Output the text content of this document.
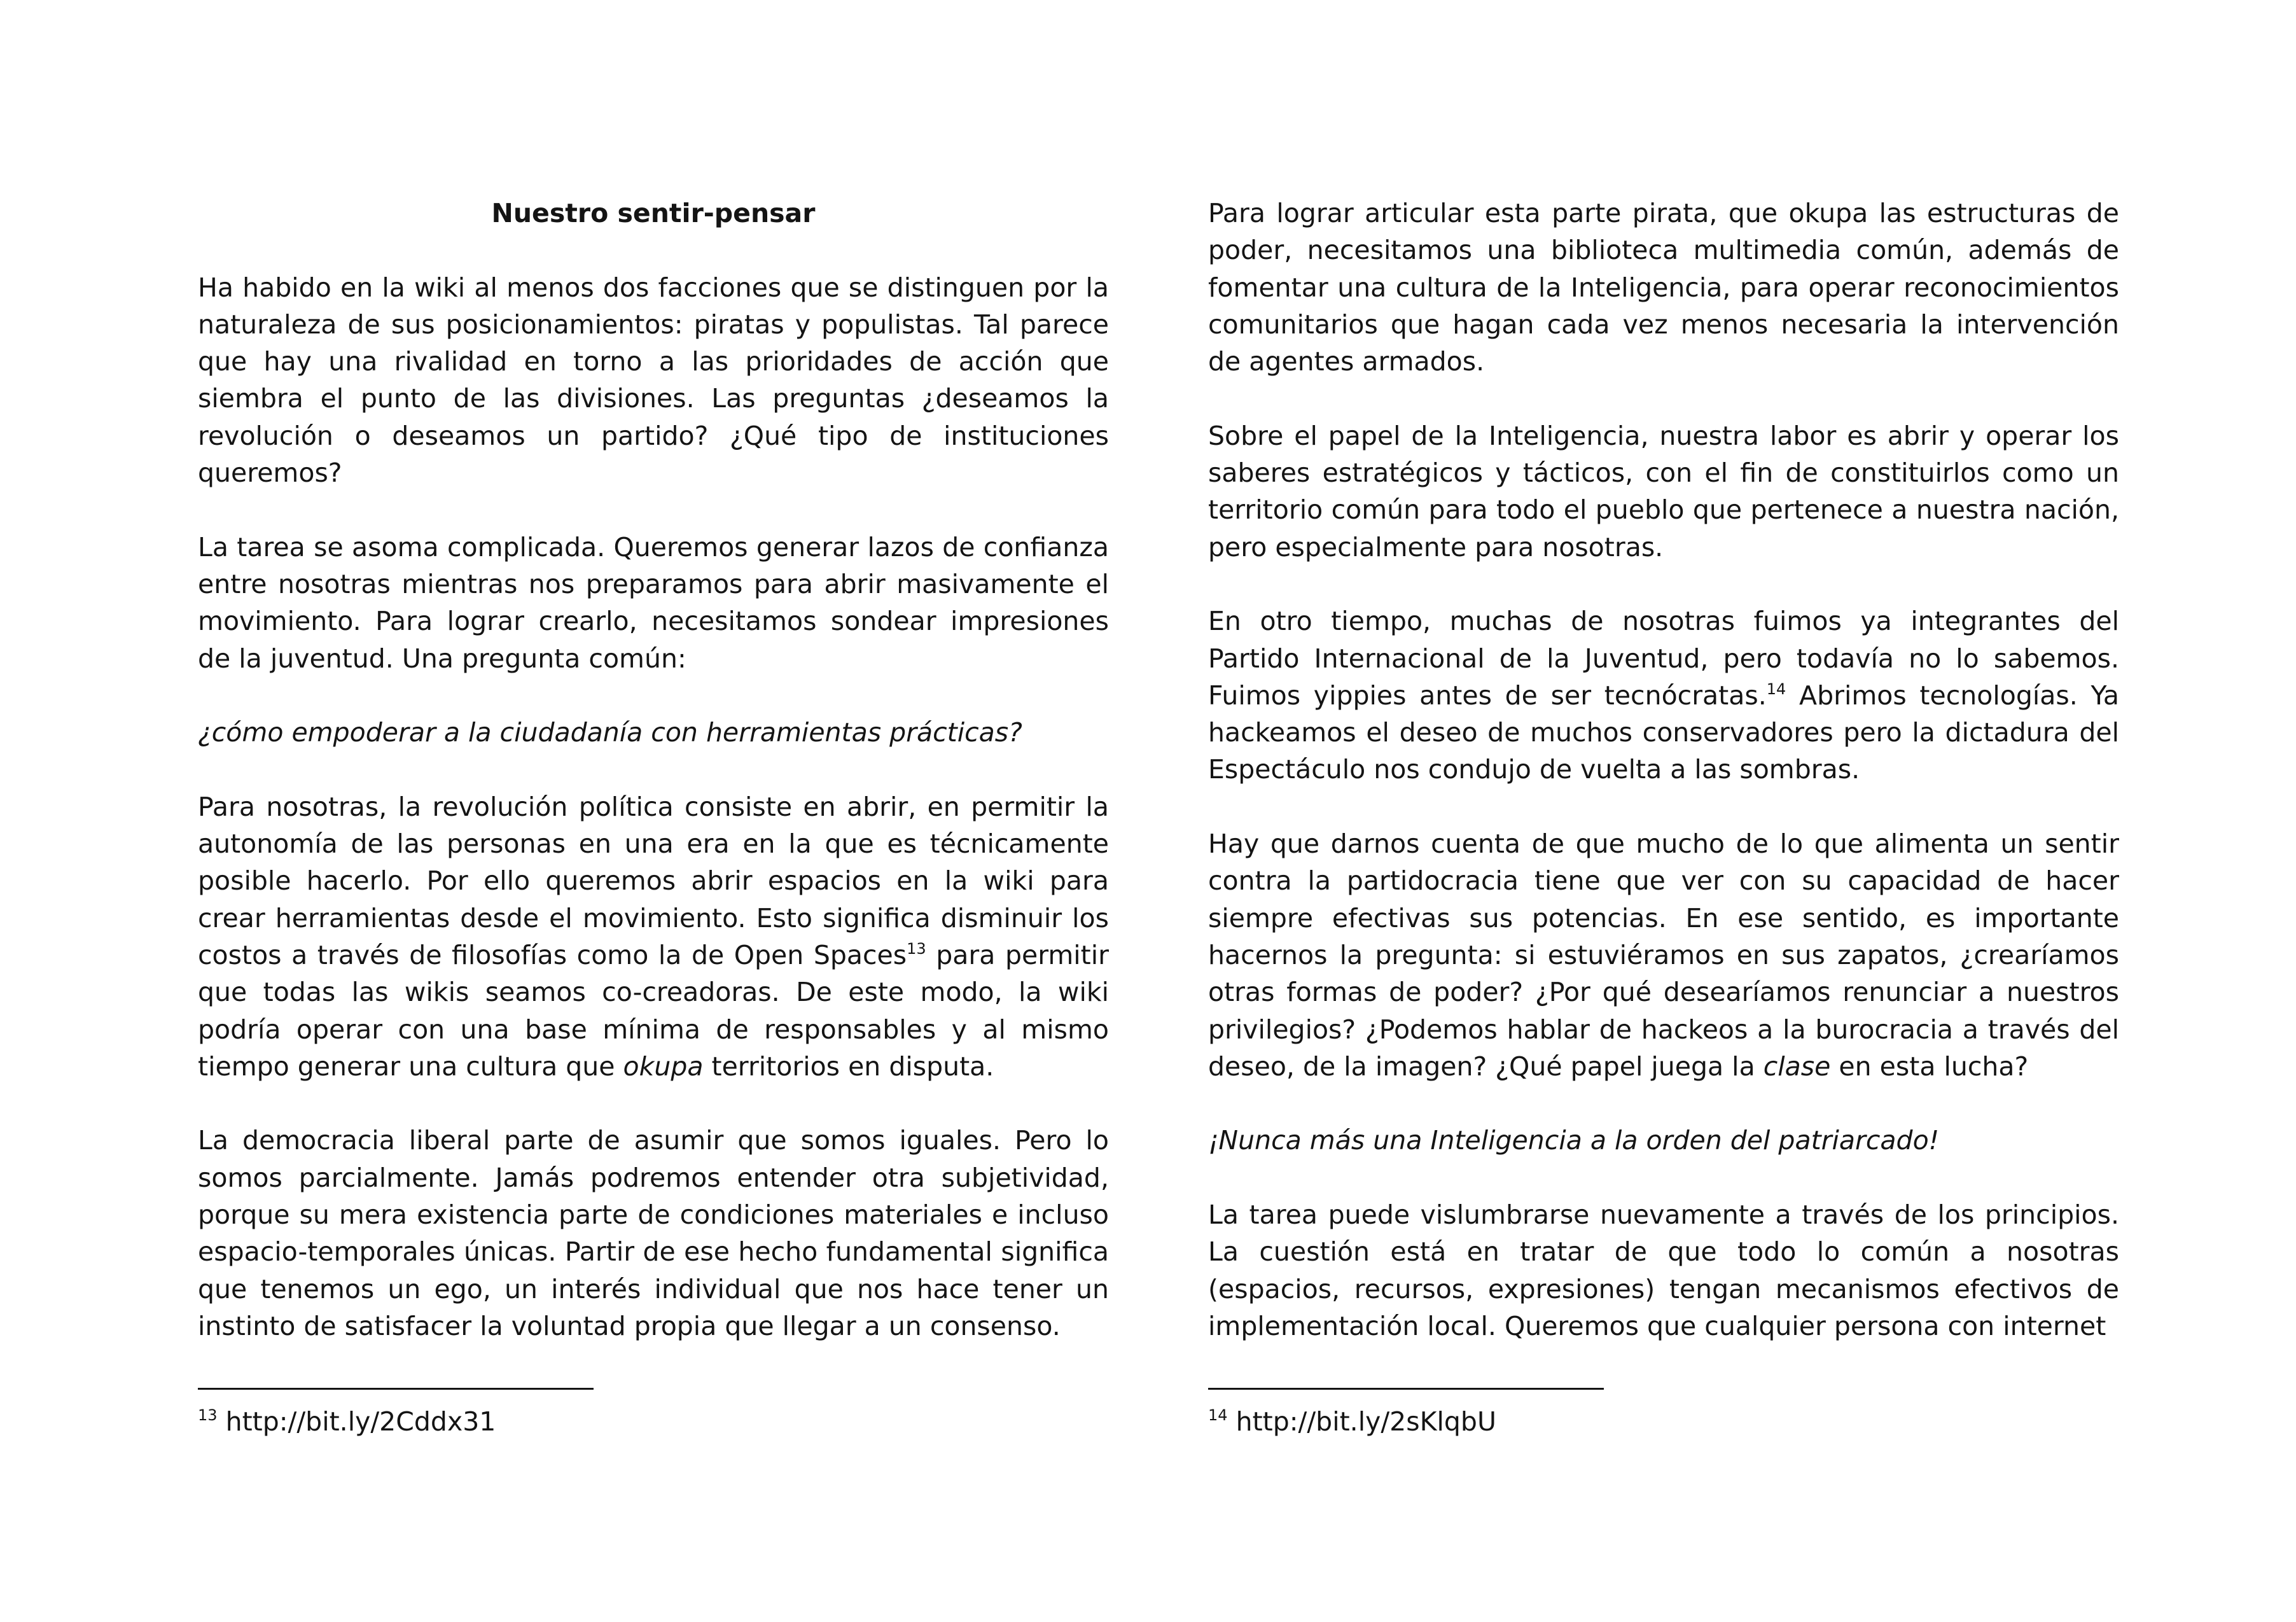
Nuestro sentir-pensar

Ha habido en la wiki al menos dos facciones que se distinguen por la naturaleza de sus posicionamientos: piratas y populistas. Tal parece que hay una rivalidad en torno a las prioridades de acción que siembra el punto de las divisiones. Las preguntas ¿deseamos la revolución o deseamos un partido? ¿Qué tipo de instituciones queremos?

La tarea se asoma complicada. Queremos generar lazos de confianza entre nosotras mientras nos preparamos para abrir masivamente el movimiento. Para lograr crearlo, necesitamos sondear impresiones de la juventud. Una pregunta común:

¿cómo empoderar a la ciudadanía con herramientas prácticas?

Para nosotras, la revolución política consiste en abrir, en permitir la autonomía de las personas en una era en la que es técnicamente posible hacerlo. Por ello queremos abrir espacios en la wiki para crear herramientas desde el movimiento. Esto significa disminuir los costos a través de filosofías como la de Open Spaces$^{13}$ para permitir que todas las wikis seamos co-creadoras. De este modo, la wiki podría operar con una base mínima de responsables y al mismo tiempo generar una cultura que okupa territorios en disputa.

La democracia liberal parte de asumir que somos iguales. Pero lo somos parcialmente. Jamás podremos entender otra subjetividad, porque su mera existencia parte de condiciones materiales e incluso espacio-temporales únicas. Partir de ese hecho fundamental significa que tenemos un ego, un interés individual que nos hace tener un instinto de satisfacer la voluntad propia que llegar a un consenso.

$^{13}$ http://bit.ly/2Cddx31

Para lograr articular esta parte pirata, que okupa las estructuras de poder, necesitamos una biblioteca multimedia común, además de fomentar una cultura de la Inteligencia, para operar reconocimientos comunitarios que hagan cada vez menos necesaria la intervención de agentes armados.

Sobre el papel de la Inteligencia, nuestra labor es abrir y operar los saberes estratégicos y tácticos, con el fin de constituirlos como un territorio común para todo el pueblo que pertenece a nuestra nación, pero especialmente para nosotras.

En otro tiempo, muchas de nosotras fuimos ya integrantes del Partido Internacional de la Juventud, pero todavía no lo sabemos. Fuimos yippies antes de ser tecnócratas.$^{14}$ Abrimos tecnologías. Ya hackeamos el deseo de muchos conservadores pero la dictadura del Espectáculo nos condujo de vuelta a las sombras.

Hay que darnos cuenta de que mucho de lo que alimenta un sentir contra la partidocracia tiene que ver con su capacidad de hacer siempre efectivas sus potencias. En ese sentido, es importante hacernos la pregunta: si estuviéramos en sus zapatos, ¿crearíamos otras formas de poder? ¿Por qué desearíamos renunciar a nuestros privilegios? ¿Podemos hablar de hackeos a la burocracia a través del deseo, de la imagen? ¿Qué papel juega la clase en esta lucha?

¡Nunca más una Inteligencia a la orden del patriarcado!

La tarea puede vislumbrarse nuevamente a través de los principios. La cuestión está en tratar de que todo lo común a nosotras (espacios, recursos, expresiones) tengan mecanismos efectivos de implementación local. Queremos que cualquier persona con internet

$^{14}$ http://bit.ly/2sKlqbU
